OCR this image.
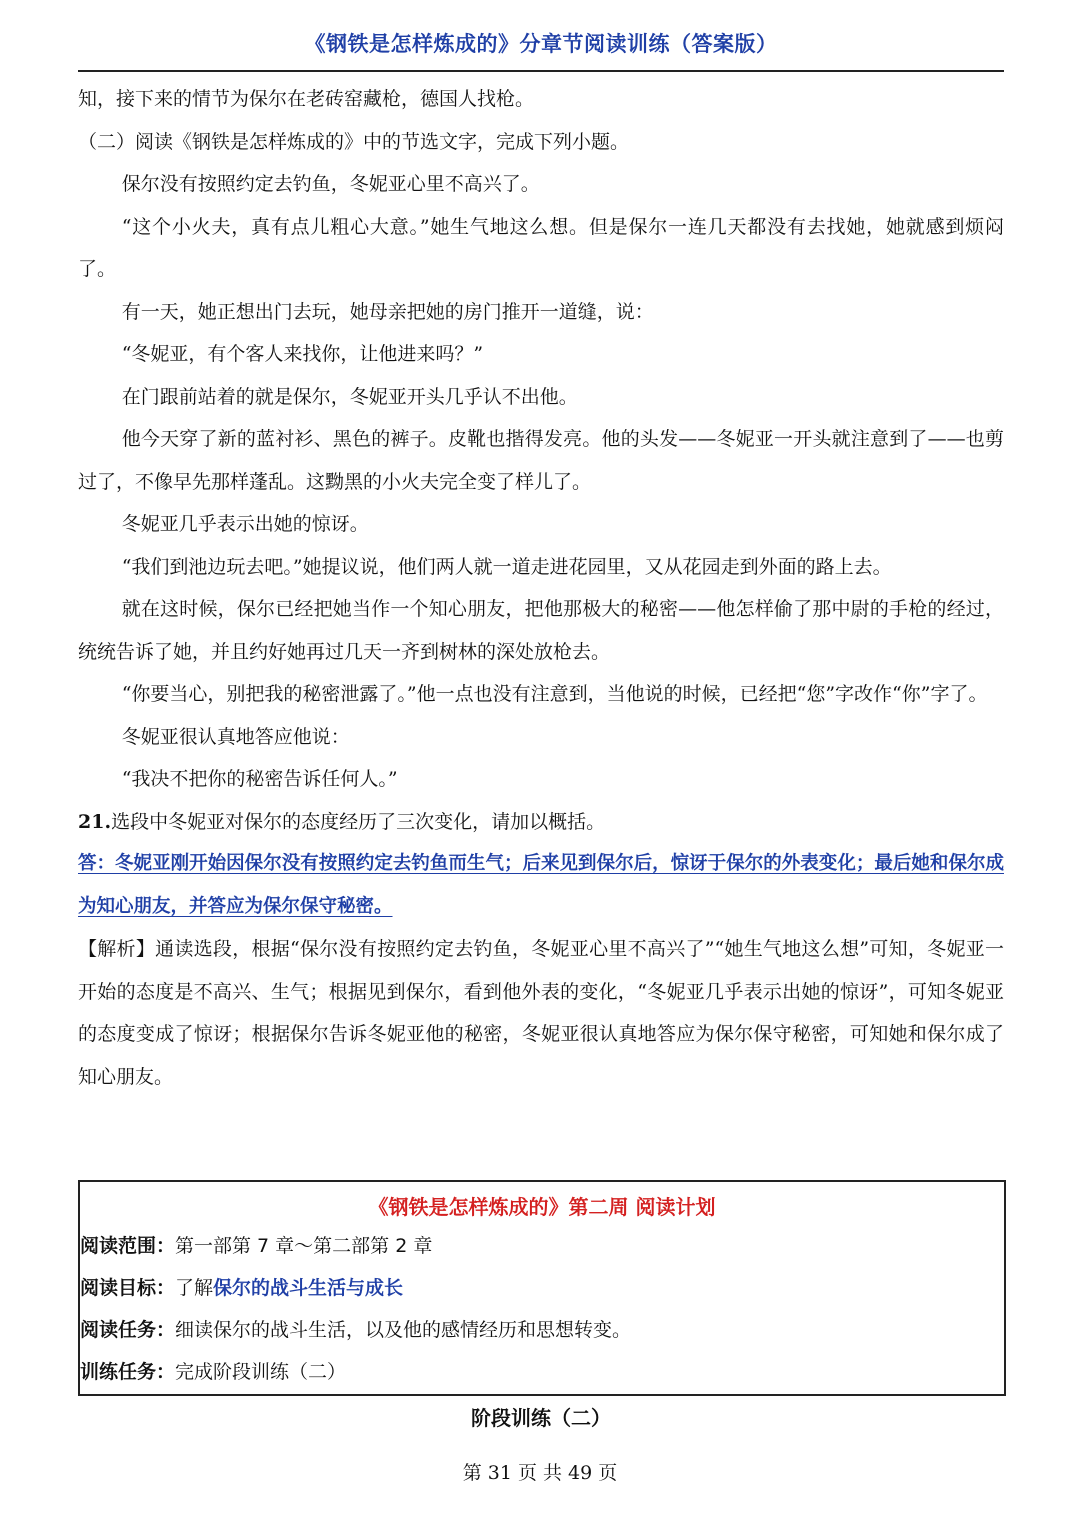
《钢铁是怎样炼成的》分章节阅读训练（答案版）

知，接下来的情节为保尔在老砖窑藏枪，德国人找枪。

（二）阅读《钢铁是怎样炼成的》中的节选文字，完成下列小题。

保尔没有按照约定去钓鱼，冬妮亚心里不高兴了。

“这个小火夫，真有点儿粗心大意。”她生气地这么想。但是保尔一连几天都没有去找她，她就感到烦闷了。

有一天，她正想出门去玩，她母亲把她的房门推开一道缝，说：

“冬妮亚，有个客人来找你，让他进来吗？”

在门跟前站着的就是保尔，冬妮亚开头几乎认不出他。

他今天穿了新的蓝衬衫、黑色的裤子。皮靴也揩得发亮。他的头发——冬妮亚一开头就注意到了——也剪过了，不像早先那样蓬乱。这黝黑的小火夫完全变了样儿了。

冬妮亚几乎表示出她的惊讶。

“我们到池边玩去吧。”她提议说，他们两人就一道走进花园里，又从花园走到外面的路上去。

就在这时候，保尔已经把她当作一个知心朋友，把他那极大的秘密——他怎样偷了那中尉的手枪的经过，统统告诉了她，并且约好她再过几天一齐到树林的深处放枪去。

“你要当心，别把我的秘密泄露了。”他一点也没有注意到，当他说的时候，已经把“您”字改作“你”字了。

冬妮亚很认真地答应他说：

“我决不把你的秘密告诉任何人。”

21.选段中冬妮亚对保尔的态度经历了三次变化，请加以概括。

答：冬妮亚刚开始因保尔没有按照约定去钓鱼而生气；后来见到保尔后，惊讶于保尔的外表变化；最后她和保尔成为知心朋友，并答应为保尔保守秘密。

【解析】通读选段，根据“保尔没有按照约定去钓鱼，冬妮亚心里不高兴了”“她生气地这么想”可知，冬妮亚一开始的态度是不高兴、生气；根据见到保尔，看到他外表的变化，“冬妮亚几乎表示出她的惊讶”，可知冬妮亚的态度变成了惊讶；根据保尔告诉冬妮亚他的秘密，冬妮亚很认真地答应为保尔保守秘密，可知她和保尔成了知心朋友。

《钢铁是怎样炼成的》第二周 阅读计划
阅读范围：第一部第 7 章～第二部第 2 章
阅读目标：了解保尔的战斗生活与成长
阅读任务：细读保尔的战斗生活，以及他的感情经历和思想转变。
训练任务：完成阶段训练（二）
阶段训练（二）
第 31 页 共 49 页
